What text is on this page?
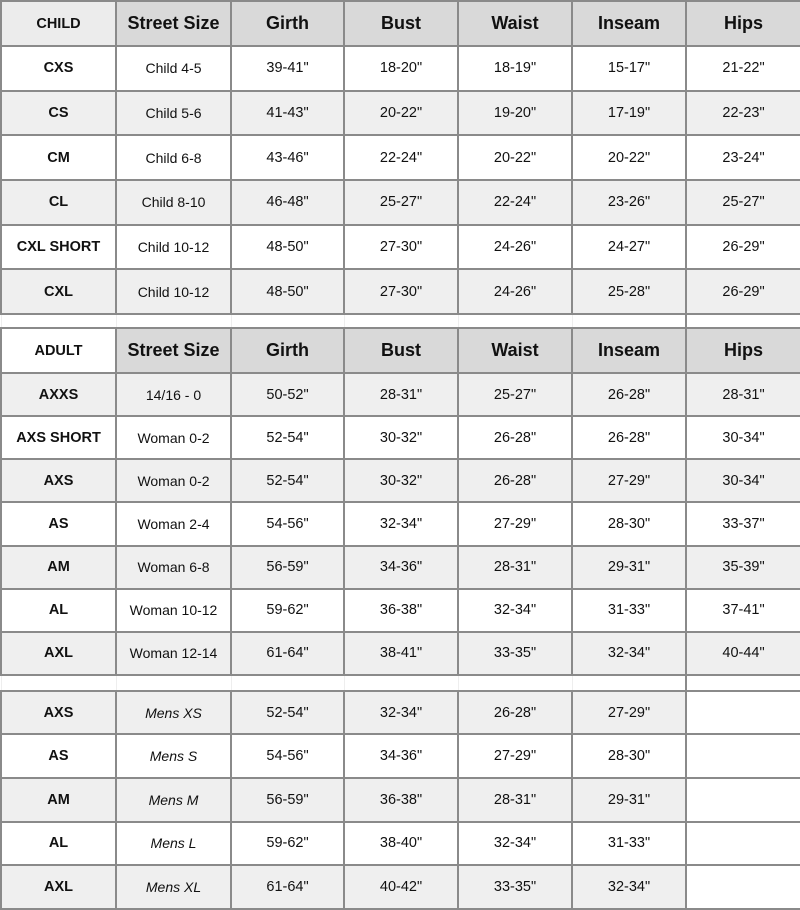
CHILD	Street Size	Girth	Bust	Waist	Inseam	Hips
CXS	Child 4-5	39-41"	18-20"	18-19"	15-17"	21-22"
CS	Child 5-6	41-43"	20-22"	19-20"	17-19"	22-23"
CM	Child 6-8	43-46"	22-24"	20-22"	20-22"	23-24"
CL	Child 8-10	46-48"	25-27"	22-24"	23-26"	25-27"
CXL SHORT	Child 10-12	48-50"	27-30"	24-26"	24-27"	26-29"
CXL	Child 10-12	48-50"	27-30"	24-26"	25-28"	26-29"

ADULT	Street Size	Girth	Bust	Waist	Inseam	Hips
AXXS	14/16 - 0	50-52"	28-31"	25-27"	26-28"	28-31"
AXS SHORT	Woman 0-2	52-54"	30-32"	26-28"	26-28"	30-34"
AXS	Woman 0-2	52-54"	30-32"	26-28"	27-29"	30-34"
AS	Woman 2-4	54-56"	32-34"	27-29"	28-30"	33-37"
AM	Woman 6-8	56-59"	34-36"	28-31"	29-31"	35-39"
AL	Woman 10-12	59-62"	36-38"	32-34"	31-33"	37-41"
AXL	Woman 12-14	61-64"	38-41"	33-35"	32-34"	40-44"

AXS	Mens XS	52-54"	32-34"	26-28"	27-29"	
AS	Mens S	54-56"	34-36"	27-29"	28-30"	
AM	Mens M	56-59"	36-38"	28-31"	29-31"	
AL	Mens L	59-62"	38-40"	32-34"	31-33"	
AXL	Mens XL	61-64"	40-42"	33-35"	32-34"	
